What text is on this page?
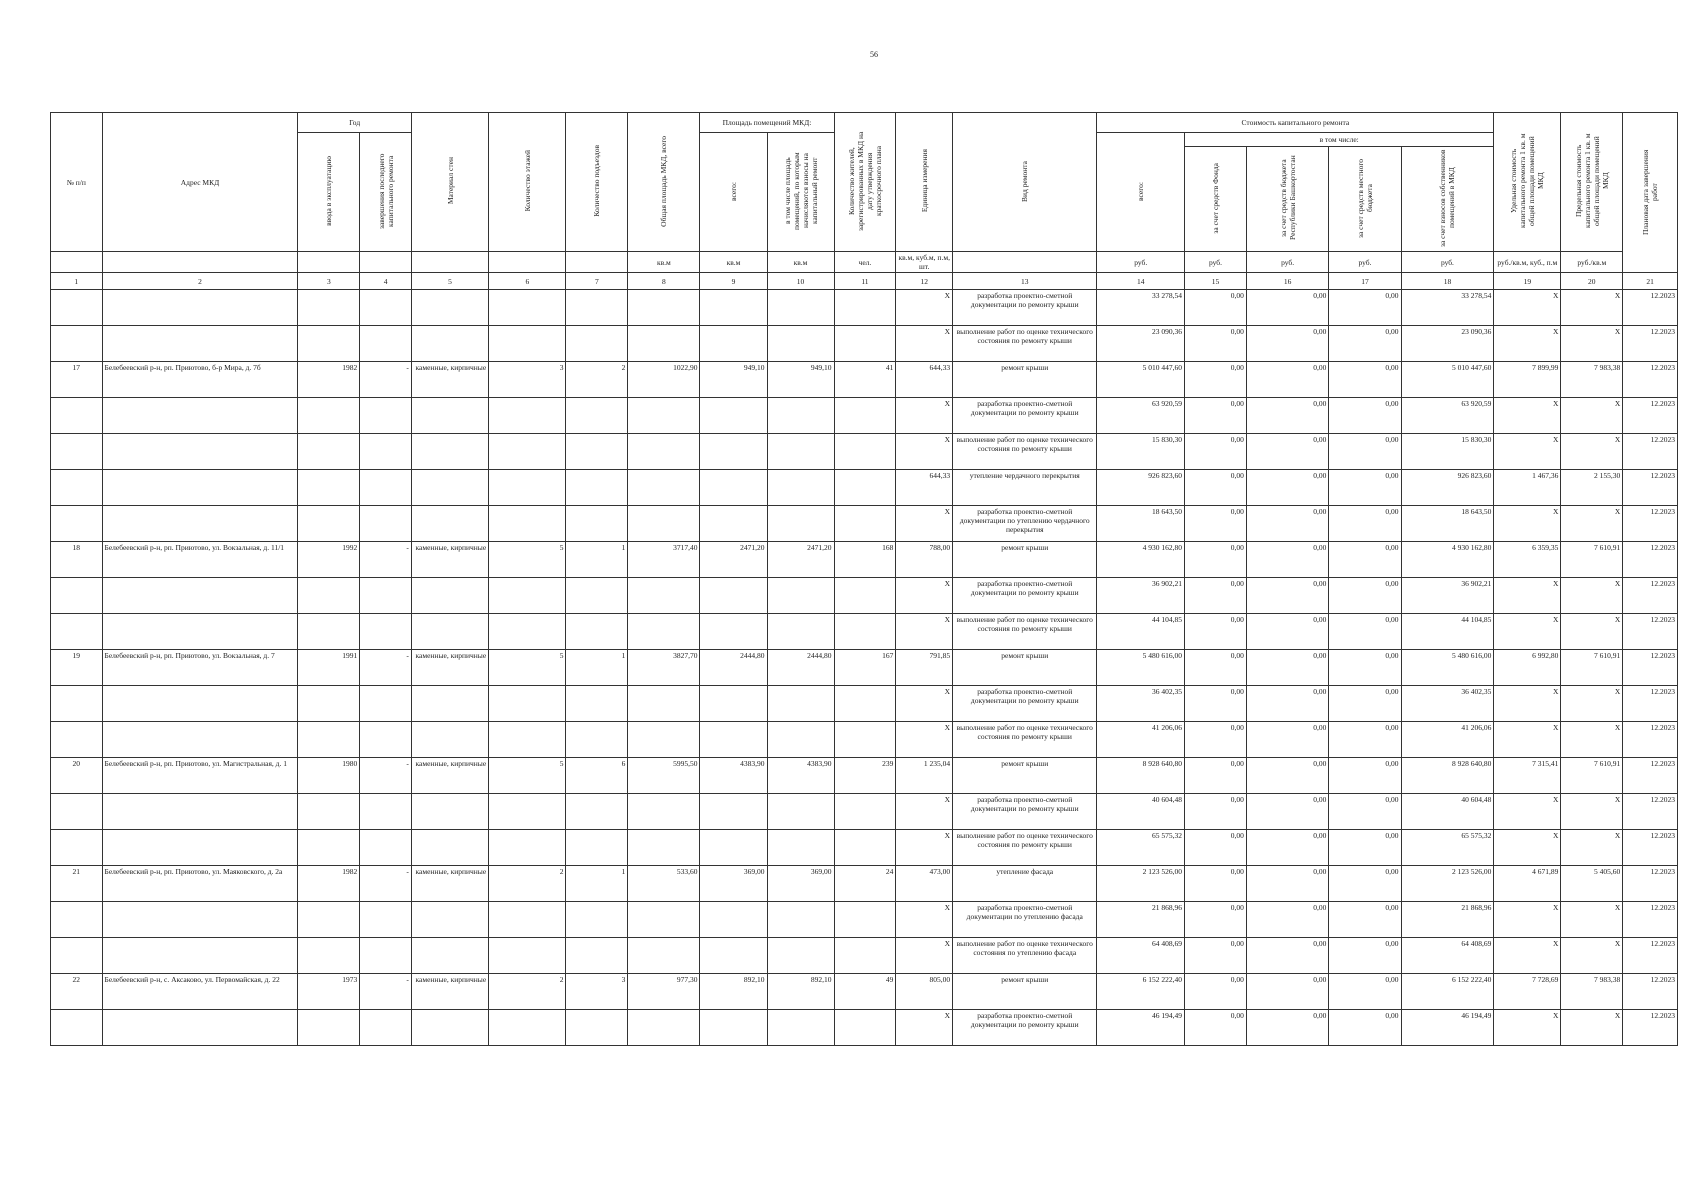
56
№ п/п	Адрес МКД	Год		Материал стен	Количество этажей	Количество подъездов	Общая площадь МКД, всего	Площадь помещений МКД:		Количество жителей, зарегистрированных в МКД на дату утверждения краткосрочного плана	Единица измерения	Вид ремонта	Стоимость капитального ремонта					Удельная стоимость капитального ремонта 1 кв. м общей площади помещений МКД	Предельная стоимость капитального ремонта 1 кв. м общей площади помещений МКД	Плановая дата завершения работ
		ввода в эксплуатацию	завершения последнего капитального ремонта					всего:	в том числе площадь помещений, по которым начисляются взносы на капитальный ремонт				всего:	в том числе:						
														за счет средств Фонда	за счет средств бюджета Республики Башкортостан	за счет средств местного бюджета	за счет взносов собственников помещений в МКД			
							кв.м	кв.м	кв.м	чел.	кв.м, куб.м, п.м, шт.		руб.	руб.	руб.	руб.	руб.	руб./кв.м, куб., п.м	руб./кв.м	
1	2	3	4	5	6	7	8	9	10	11	12	13	14	15	16	17	18	19	20	21
											X	разработка проектно-сметной документации по ремонту крыши	33 278,54	0,00	0,00	0,00	33 278,54	X	X	12.2023
											X	выполнение работ по оценке технического состояния по ремонту крыши	23 090,36	0,00	0,00	0,00	23 090,36	X	X	12.2023
17	Белебеевский р-н, рп. Приютово, б-р Мира, д. 7б	1982	-	каменные, кирпичные	3	2	1022,90	949,10	949,10	41	644,33	ремонт крыши	5 010 447,60	0,00	0,00	0,00	5 010 447,60	7 899,99	7 983,38	12.2023
											X	разработка проектно-сметной документации по ремонту крыши	63 920,59	0,00	0,00	0,00	63 920,59	X	X	12.2023
											X	выполнение работ по оценке технического состояния по ремонту крыши	15 830,30	0,00	0,00	0,00	15 830,30	X	X	12.2023
											644,33	утепление чердачного перекрытия	926 823,60	0,00	0,00	0,00	926 823,60	1 467,36	2 155,30	12.2023
											X	разработка проектно-сметной документации по утеплению чердачного перекрытия	18 643,50	0,00	0,00	0,00	18 643,50	X	X	12.2023
18	Белебеевский р-н, рп. Приютово, ул. Вокзальная, д. 11/1	1992	-	каменные, кирпичные	5	1	3717,40	2471,20	2471,20	168	788,00	ремонт крыши	4 930 162,80	0,00	0,00	0,00	4 930 162,80	6 359,35	7 610,91	12.2023
											X	разработка проектно-сметной документации по ремонту крыши	36 902,21	0,00	0,00	0,00	36 902,21	X	X	12.2023
											X	выполнение работ по оценке технического состояния по ремонту крыши	44 104,85	0,00	0,00	0,00	44 104,85	X	X	12.2023
19	Белебеевский р-н, рп. Приютово, ул. Вокзальная, д. 7	1991	-	каменные, кирпичные	5	1	3827,70	2444,80	2444,80	167	791,85	ремонт крыши	5 480 616,00	0,00	0,00	0,00	5 480 616,00	6 992,80	7 610,91	12.2023
											X	разработка проектно-сметной документации по ремонту крыши	36 402,35	0,00	0,00	0,00	36 402,35	X	X	12.2023
											X	выполнение работ по оценке технического состояния по ремонту крыши	41 206,06	0,00	0,00	0,00	41 206,06	X	X	12.2023
20	Белебеевский р-н, рп. Приютово, ул. Магистральная, д. 1	1980	-	каменные, кирпичные	5	6	5995,50	4383,90	4383,90	239	1 235,04	ремонт крыши	8 928 640,80	0,00	0,00	0,00	8 928 640,80	7 315,41	7 610,91	12.2023
											X	разработка проектно-сметной документации по ремонту крыши	40 604,48	0,00	0,00	0,00	40 604,48	X	X	12.2023
											X	выполнение работ по оценке технического состояния по ремонту крыши	65 575,32	0,00	0,00	0,00	65 575,32	X	X	12.2023
21	Белебеевский р-н, рп. Приютово, ул. Маяковского, д. 2а	1982	-	каменные, кирпичные	2	1	533,60	369,00	369,00	24	473,00	утепление фасада	2 123 526,00	0,00	0,00	0,00	2 123 526,00	4 671,89	5 405,60	12.2023
											X	разработка проектно-сметной документации по утеплению фасада	21 868,96	0,00	0,00	0,00	21 868,96	X	X	12.2023
											X	выполнение работ по оценке технического состояния по утеплению фасада	64 408,69	0,00	0,00	0,00	64 408,69	X	X	12.2023
22	Белебеевский р-н, с. Аксаково, ул. Первомайская, д. 22	1973	-	каменные, кирпичные	2	3	977,30	892,10	892,10	49	805,00	ремонт крыши	6 152 222,40	0,00	0,00	0,00	6 152 222,40	7 728,69	7 983,38	12.2023
											X	разработка проектно-сметной документации по ремонту крыши	46 194,49	0,00	0,00	0,00	46 194,49	X	X	12.2023
